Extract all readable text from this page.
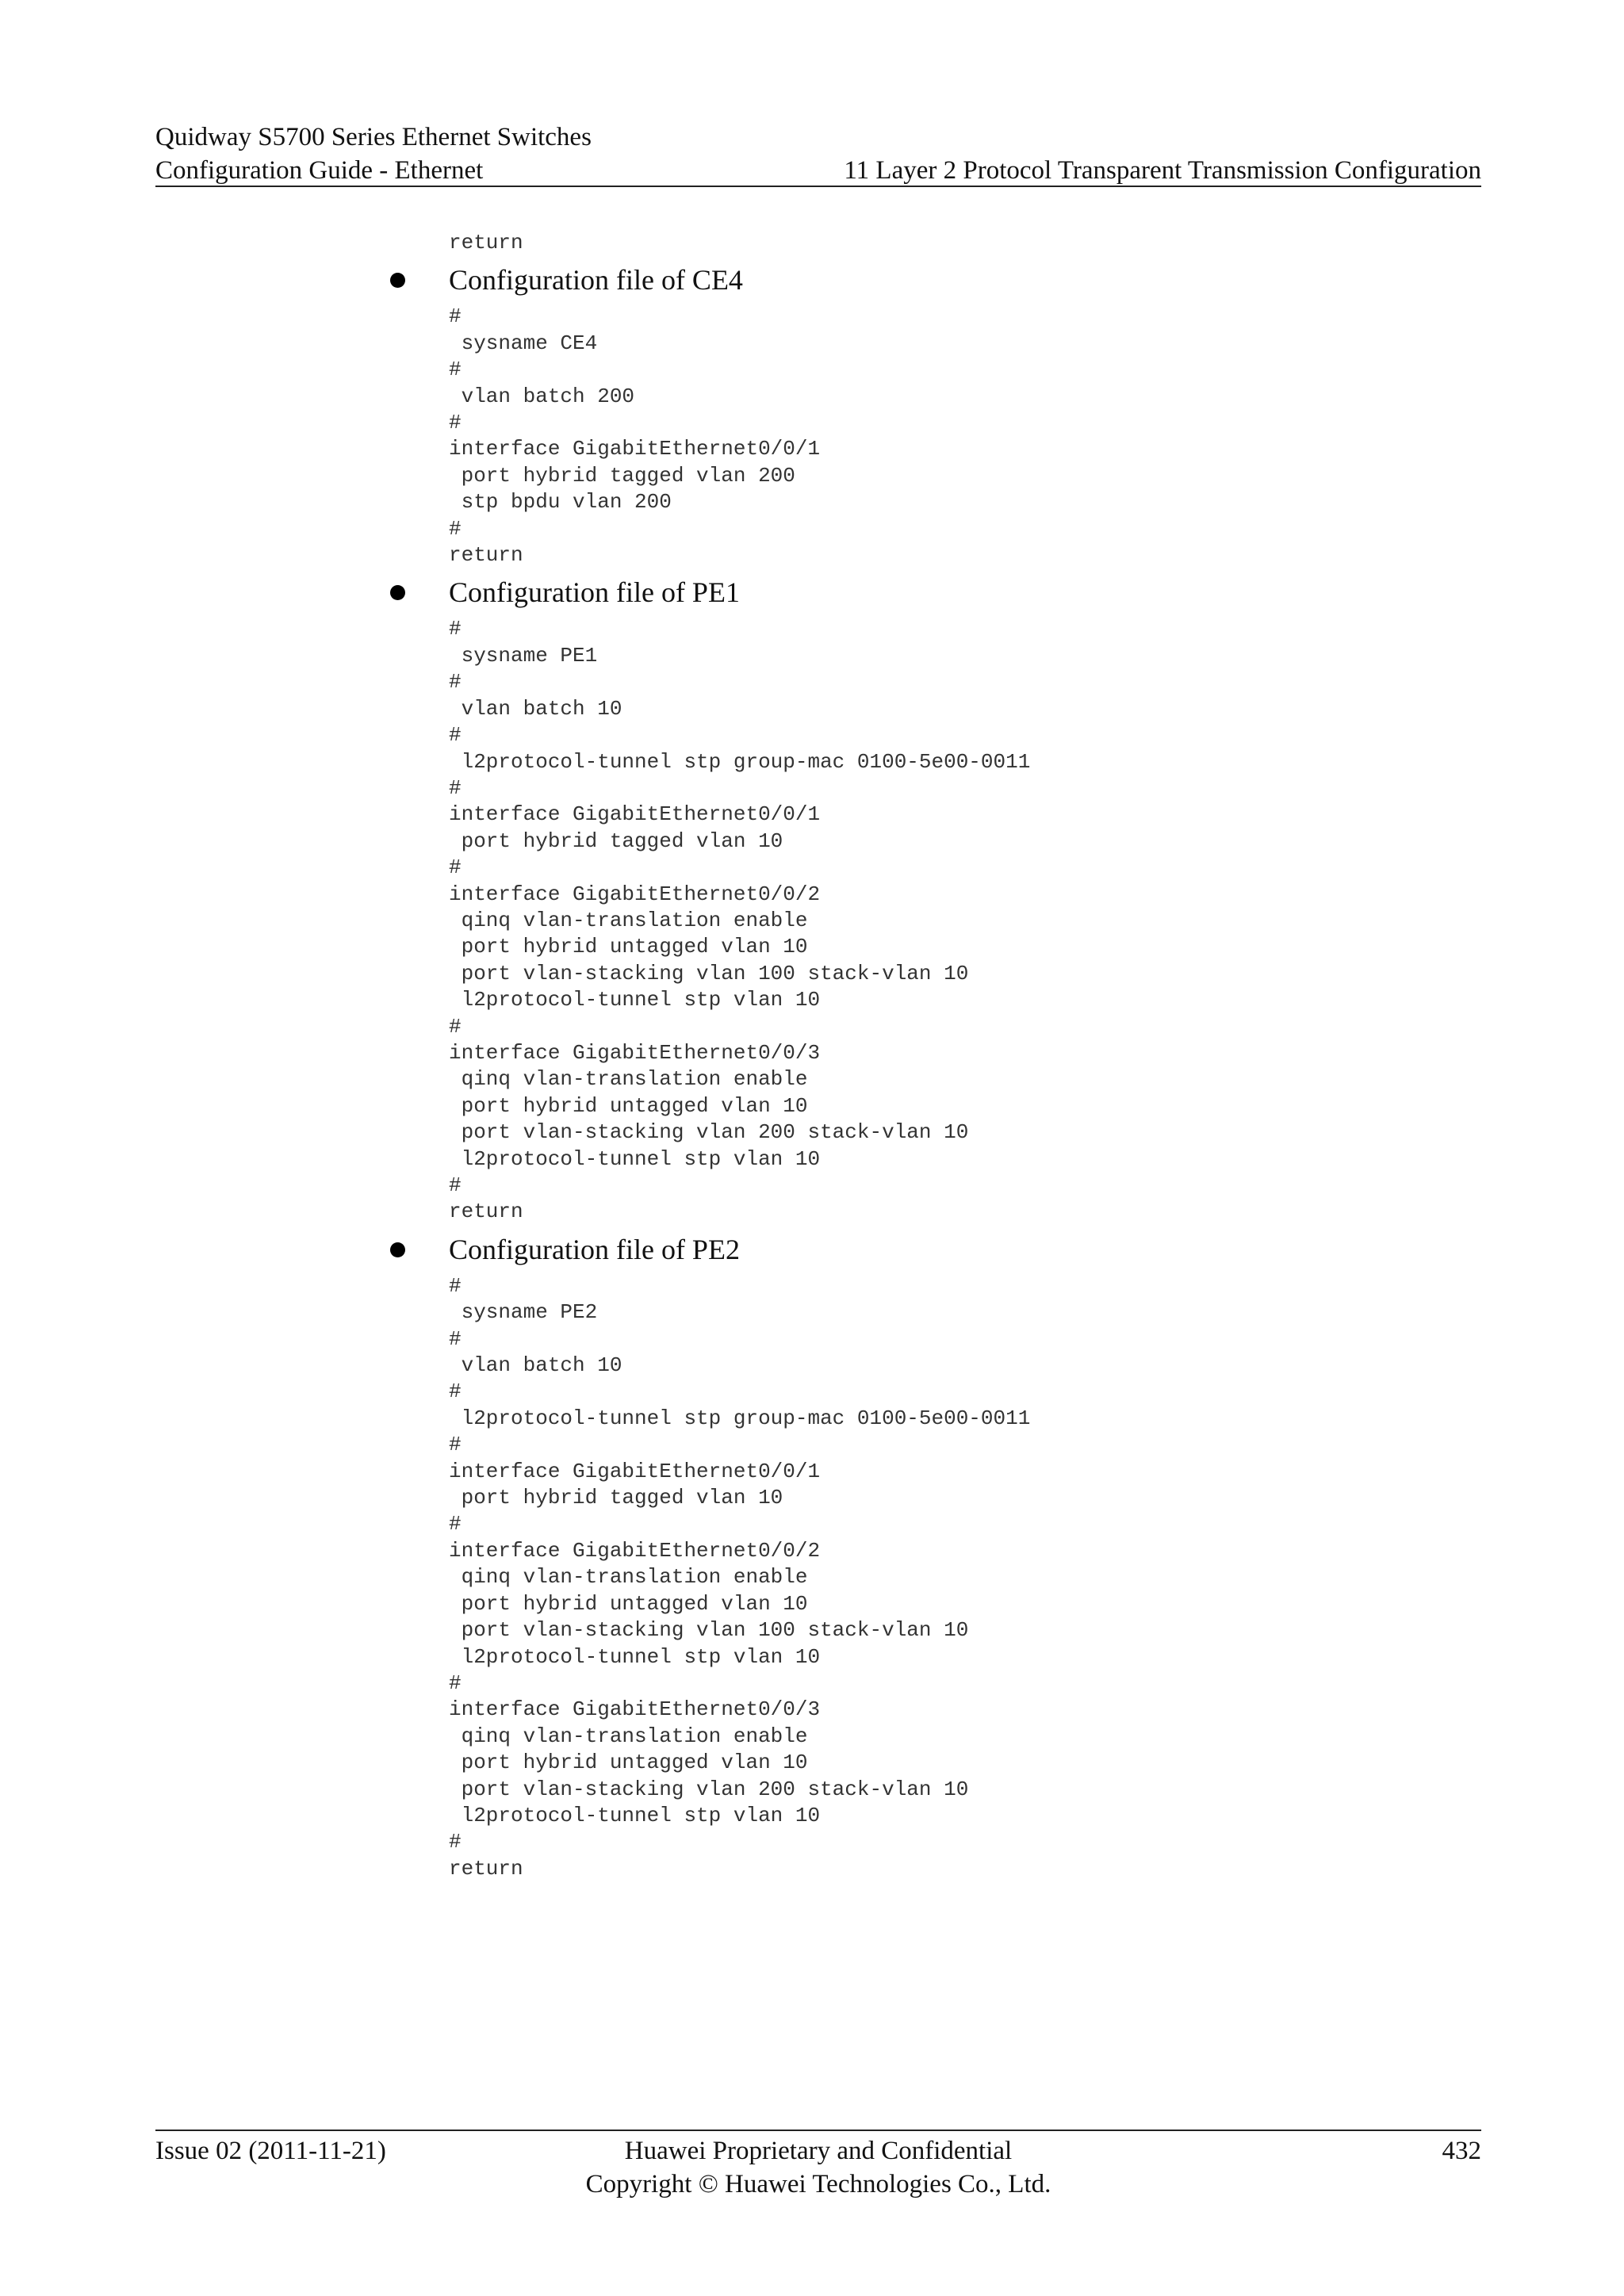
Quidway S5700 Series Ethernet Switches
Configuration Guide - Ethernet	11 Layer 2 Protocol Transparent Transmission Configuration
return
Configuration file of CE4
#
sysname CE4
#
vlan batch 200
#
interface GigabitEthernet0/0/1
port hybrid tagged vlan 200
stp bpdu vlan 200
#
return
Configuration file of PE1
#
sysname PE1
#
vlan batch 10
#
l2protocol-tunnel stp group-mac 0100-5e00-0011
#
interface GigabitEthernet0/0/1
port hybrid tagged vlan 10
#
interface GigabitEthernet0/0/2
qinq vlan-translation enable
port hybrid untagged vlan 10
port vlan-stacking vlan 100 stack-vlan 10
l2protocol-tunnel stp vlan 10
#
interface GigabitEthernet0/0/3
qinq vlan-translation enable
port hybrid untagged vlan 10
port vlan-stacking vlan 200 stack-vlan 10
l2protocol-tunnel stp vlan 10
#
return
Configuration file of PE2
#
sysname PE2
#
vlan batch 10
#
l2protocol-tunnel stp group-mac 0100-5e00-0011
#
interface GigabitEthernet0/0/1
port hybrid tagged vlan 10
#
interface GigabitEthernet0/0/2
qinq vlan-translation enable
port hybrid untagged vlan 10
port vlan-stacking vlan 100 stack-vlan 10
l2protocol-tunnel stp vlan 10
#
interface GigabitEthernet0/0/3
qinq vlan-translation enable
port hybrid untagged vlan 10
port vlan-stacking vlan 200 stack-vlan 10
l2protocol-tunnel stp vlan 10
#
return
Issue 02 (2011-11-21)	Huawei Proprietary and Confidential
Copyright © Huawei Technologies Co., Ltd.
432
